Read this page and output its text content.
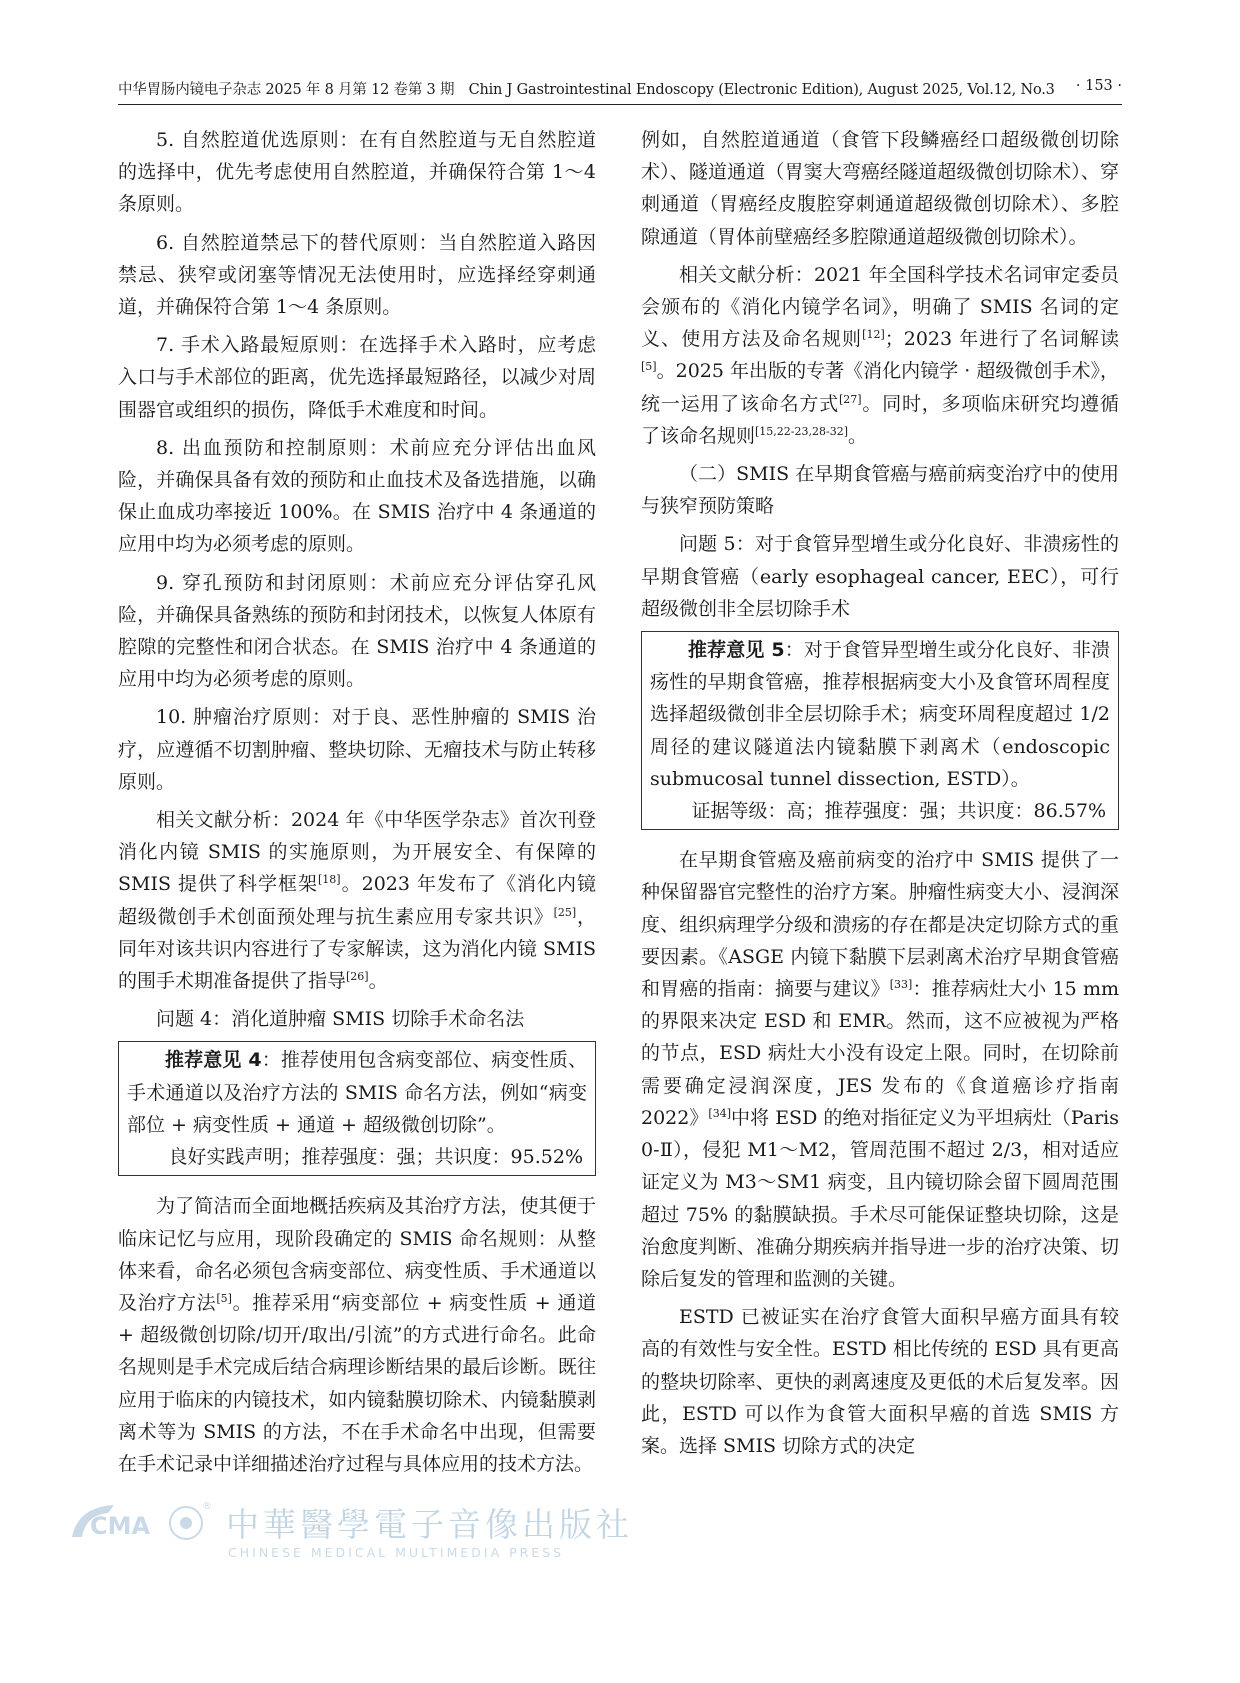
中华胃肠内镜电子杂志 2025 年 8 月第 12 卷第 3 期　Chin J Gastrointestinal Endoscopy (Electronic Edition), August 2025, Vol.12, No.3 · 153 ·

5. 自然腔道优选原则：在有自然腔道与无自然腔道的选择中，优先考虑使用自然腔道，并确保符合第 1～4 条原则。

6. 自然腔道禁忌下的替代原则：当自然腔道入路因禁忌、狭窄或闭塞等情况无法使用时，应选择经穿刺通道，并确保符合第 1～4 条原则。

7. 手术入路最短原则：在选择手术入路时，应考虑入口与手术部位的距离，优先选择最短路径，以减少对周围器官或组织的损伤，降低手术难度和时间。

8. 出血预防和控制原则：术前应充分评估出血风险，并确保具备有效的预防和止血技术及备选措施，以确保止血成功率接近 100%。在 SMIS 治疗中 4 条通道的应用中均为必须考虑的原则。

9. 穿孔预防和封闭原则：术前应充分评估穿孔风险，并确保具备熟练的预防和封闭技术，以恢复人体原有腔隙的完整性和闭合状态。在 SMIS 治疗中 4 条通道的应用中均为必须考虑的原则。

10. 肿瘤治疗原则：对于良、恶性肿瘤的 SMIS 治疗，应遵循不切割肿瘤、整块切除、无瘤技术与防止转移原则。

相关文献分析：2024 年《中华医学杂志》首次刊登消化内镜 SMIS 的实施原则，为开展安全、有保障的 SMIS 提供了科学框架[18]。2023 年发布了《消化内镜超级微创手术创面预处理与抗生素应用专家共识》[25]，同年对该共识内容进行了专家解读，这为消化内镜 SMIS 的围手术期准备提供了指导[26]。

问题 4：消化道肿瘤 SMIS 切除手术命名法

推荐意见 4：推荐使用包含病变部位、病变性质、手术通道以及治疗方法的 SMIS 命名方法，例如“病变部位 + 病变性质 + 通道 + 超级微创切除”。

良好实践声明；推荐强度：强；共识度：95.52%

为了简洁而全面地概括疾病及其治疗方法，使其便于临床记忆与应用，现阶段确定的 SMIS 命名规则：从整体来看，命名必须包含病变部位、病变性质、手术通道以及治疗方法[5]。推荐采用“病变部位 + 病变性质 + 通道 + 超级微创切除/切开/取出/引流”的方式进行命名。此命名规则是手术完成后结合病理诊断结果的最后诊断。既往应用于临床的内镜技术，如内镜黏膜切除术、内镜黏膜剥离术等为 SMIS 的方法，不在手术命名中出现，但需要在手术记录中详细描述治疗过程与具体应用的技术方法。

例如，自然腔道通道（食管下段鳞癌经口超级微创切除术）、隧道通道（胃窦大弯癌经隧道超级微创切除术）、穿刺通道（胃癌经皮腹腔穿刺通道超级微创切除术）、多腔隙通道（胃体前壁癌经多腔隙通道超级微创切除术）。

相关文献分析：2021 年全国科学技术名词审定委员会颁布的《消化内镜学名词》，明确了 SMIS 名词的定义、使用方法及命名规则[12]；2023 年进行了名词解读[5]。2025 年出版的专著《消化内镜学 · 超级微创手术》，统一运用了该命名方式[27]。同时，多项临床研究均遵循了该命名规则[15,22-23,28-32]。

（二）SMIS 在早期食管癌与癌前病变治疗中的使用与狭窄预防策略

问题 5：对于食管异型增生或分化良好、非溃疡性的早期食管癌（early esophageal cancer, EEC），可行超级微创非全层切除手术

推荐意见 5：对于食管异型增生或分化良好、非溃疡性的早期食管癌，推荐根据病变大小及食管环周程度选择超级微创非全层切除手术；病变环周程度超过 1/2 周径的建议隧道法内镜黏膜下剥离术（endoscopic submucosal tunnel dissection, ESTD）。

证据等级：高；推荐强度：强；共识度：86.57%

在早期食管癌及癌前病变的治疗中 SMIS 提供了一种保留器官完整性的治疗方案。肿瘤性病变大小、浸润深度、组织病理学分级和溃疡的存在都是决定切除方式的重要因素。《ASGE 内镜下黏膜下层剥离术治疗早期食管癌和胃癌的指南：摘要与建议》[33]：推荐病灶大小 15 mm 的界限来决定 ESD 和 EMR。然而，这不应被视为严格的节点，ESD 病灶大小没有设定上限。同时，在切除前需要确定浸润深度，JES 发布的《食道癌诊疗指南 2022》[34]中将 ESD 的绝对指征定义为平坦病灶（Paris 0-Ⅱ），侵犯 M1～M2，管周范围不超过 2/3，相对适应证定义为 M3～SM1 病变，且内镜切除会留下圆周范围超过 75% 的黏膜缺损。手术尽可能保证整块切除，这是治愈度判断、准确分期疾病并指导进一步的治疗决策、切除后复发的管理和监测的关键。

ESTD 已被证实在治疗食管大面积早癌方面具有较高的有效性与安全性。ESTD 相比传统的 ESD 具有更高的整块切除率、更快的剥离速度及更低的术后复发率。因此，ESTD 可以作为食管大面积早癌的首选 SMIS 方案。选择 SMIS 切除方式的决定

CMA
® 中華醫學電子音像出版社
CHINESE MEDICAL MULTIMEDIA PRESS
